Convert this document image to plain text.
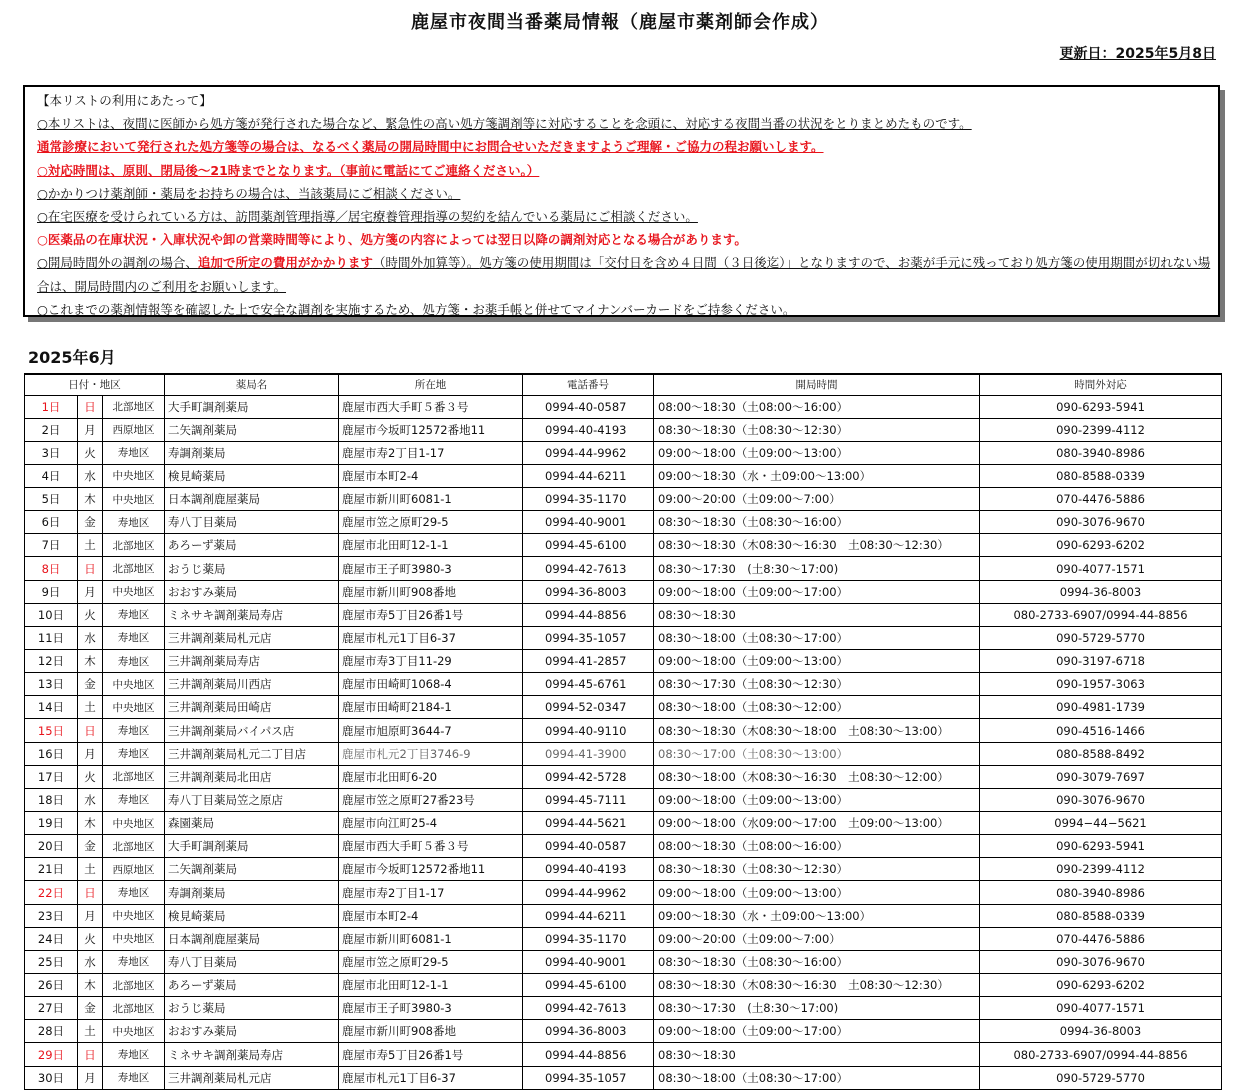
鹿屋市夜間当番薬局情報（鹿屋市薬剤師会作成）
更新日：2025年5月8日
【本リストの利用にあたって】
○本リストは、夜間に医師から処方箋が発行された場合など、緊急性の高い処方箋調剤等に対応することを念頭に、対応する夜間当番の状況をとりまとめたものです。
通常診療において発行された処方箋等の場合は、なるべく薬局の開局時間中にお問合せいただきますようご理解・ご協力の程お願いします。
○対応時間は、原則、閉局後～21時までとなります。（事前に電話にてご連絡ください。）
○かかりつけ薬剤師・薬局をお持ちの場合は、当該薬局にご相談ください。
○在宅医療を受けられている方は、訪問薬剤管理指導／居宅療養管理指導の契約を結んでいる薬局にご相談ください。
○医薬品の在庫状況・入庫状況や卸の営業時間等により、処方箋の内容によっては翌日以降の調剤対応となる場合があります。
○開局時間外の調剤の場合、追加で所定の費用がかかります（時間外加算等）。処方箋の使用期間は「交付日を含め４日間（３日後迄）」となりますので、お薬が手元に残っており処方箋の使用期間が切れない場合は、開局時間内のご利用をお願いします。
○これまでの薬剤情報等を確認した上で安全な調剤を実施するため、処方箋・お薬手帳と併せてマイナンバーカードをご持参ください。
2025年6月
日付・地区			薬局名	所在地	電話番号	開局時間	時間外対応
1日	日	北部地区	大手町調剤薬局	鹿屋市西大手町５番３号	0994-40-0587	08:00～18:30（土08:00～16:00）	090-6293-5941
2日	月	西原地区	二矢調剤薬局	鹿屋市今坂町12572番地11	0994-40-4193	08:30～18:30（土08:30～12:30）	090-2399-4112
3日	火	寿地区	寿調剤薬局	鹿屋市寿2丁目1-17	0994-44-9962	09:00～18:00（土09:00～13:00）	080-3940-8986
4日	水	中央地区	検見崎薬局	鹿屋市本町2-4	0994-44-6211	09:00～18:30（水・土09:00～13:00）	080-8588-0339
5日	木	中央地区	日本調剤鹿屋薬局	鹿屋市新川町6081-1	0994-35-1170	09:00～20:00（土09:00～7:00）	070-4476-5886
6日	金	寿地区	寿八丁目薬局	鹿屋市笠之原町29-5	0994-40-9001	08:30～18:30（土08:30～16:00）	090-3076-9670
7日	土	北部地区	あろーず薬局	鹿屋市北田町12-1-1	0994-45-6100	08:30～18:30（木08:30～16:30　土08:30～12:30）	090-6293-6202
8日	日	北部地区	おうじ薬局	鹿屋市王子町3980-3	0994-42-7613	08:30～17:30　(土8:30～17:00)	090-4077-1571
9日	月	中央地区	おおすみ薬局	鹿屋市新川町908番地	0994-36-8003	09:00～18:00（土09:00～17:00）	0994-36-8003
10日	火	寿地区	ミネサキ調剤薬局寿店	鹿屋市寿5丁目26番1号	0994-44-8856	08:30～18:30	080-2733-6907/0994-44-8856
11日	水	寿地区	三井調剤薬局札元店	鹿屋市札元1丁目6-37	0994-35-1057	08:30～18:00（土08:30～17:00）	090-5729-5770
12日	木	寿地区	三井調剤薬局寿店	鹿屋市寿3丁目11-29	0994-41-2857	09:00～18:00（土09:00～13:00）	090-3197-6718
13日	金	中央地区	三井調剤薬局川西店	鹿屋市田崎町1068-4	0994-45-6761	08:30～17:30（土08:30～12:30）	090-1957-3063
14日	土	中央地区	三井調剤薬局田崎店	鹿屋市田崎町2184-1	0994-52-0347	08:30～18:00（土08:30～12:00）	090-4981-1739
15日	日	寿地区	三井調剤薬局バイパス店	鹿屋市旭原町3644-7	0994-40-9110	08:30～18:30（木08:30～18:00　土08:30～13:00）	090-4516-1466
16日	月	寿地区	三井調剤薬局札元二丁目店	鹿屋市札元2丁目3746-9	0994-41-3900	08:30～17:00（土08:30～13:00）	080-8588-8492
17日	火	北部地区	三井調剤薬局北田店	鹿屋市北田町6-20	0994-42-5728	08:30～18:00（木08:30～16:30　土08:30～12:00）	090-3079-7697
18日	水	寿地区	寿八丁目薬局笠之原店	鹿屋市笠之原町27番23号	0994-45-7111	09:00～18:00（土09:00～13:00）	090-3076-9670
19日	木	中央地区	森園薬局	鹿屋市向江町25-4	0994-44-5621	09:00～18:00（水09:00～17:00　土09:00～13:00）	0994−44−5621
20日	金	北部地区	大手町調剤薬局	鹿屋市西大手町５番３号	0994-40-0587	08:00～18:30（土08:00～16:00）	090-6293-5941
21日	土	西原地区	二矢調剤薬局	鹿屋市今坂町12572番地11	0994-40-4193	08:30～18:30（土08:30～12:30）	090-2399-4112
22日	日	寿地区	寿調剤薬局	鹿屋市寿2丁目1-17	0994-44-9962	09:00～18:00（土09:00～13:00）	080-3940-8986
23日	月	中央地区	検見崎薬局	鹿屋市本町2-4	0994-44-6211	09:00～18:30（水・土09:00～13:00）	080-8588-0339
24日	火	中央地区	日本調剤鹿屋薬局	鹿屋市新川町6081-1	0994-35-1170	09:00～20:00（土09:00～7:00）	070-4476-5886
25日	水	寿地区	寿八丁目薬局	鹿屋市笠之原町29-5	0994-40-9001	08:30～18:30（土08:30～16:00）	090-3076-9670
26日	木	北部地区	あろーず薬局	鹿屋市北田町12-1-1	0994-45-6100	08:30～18:30（木08:30～16:30　土08:30～12:30）	090-6293-6202
27日	金	北部地区	おうじ薬局	鹿屋市王子町3980-3	0994-42-7613	08:30～17:30　(土8:30～17:00)	090-4077-1571
28日	土	中央地区	おおすみ薬局	鹿屋市新川町908番地	0994-36-8003	09:00～18:00（土09:00～17:00）	0994-36-8003
29日	日	寿地区	ミネサキ調剤薬局寿店	鹿屋市寿5丁目26番1号	0994-44-8856	08:30～18:30	080-2733-6907/0994-44-8856
30日	月	寿地区	三井調剤薬局札元店	鹿屋市札元1丁目6-37	0994-35-1057	08:30～18:00（土08:30～17:00）	090-5729-5770
